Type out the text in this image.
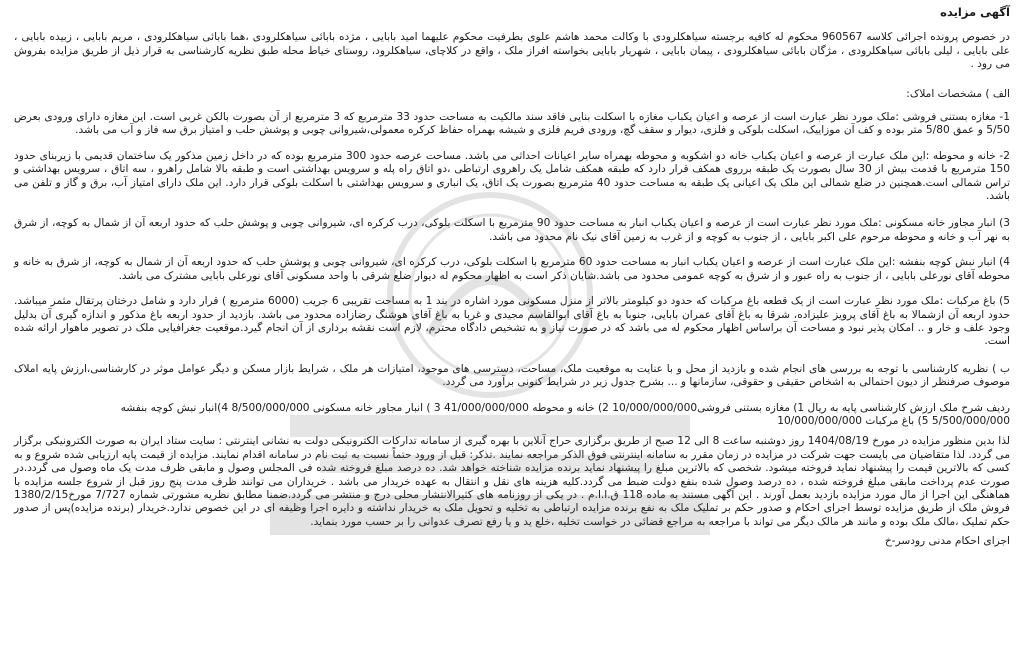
آگهی مزایده

در خصوص پرونده اجرائی کلاسه 960567 محکوم له کافیه برجسته سیاهکلرودی با وکالت محمد هاشم علوی بطرفیت محکوم علیهما امید بابایی ، مژده بابائی سیاهکلرودی ،هما بابائی سیاهکلرودی ، مریم بابایی ، زبیده بابایی ، علی بابایی ، لیلی بابائی سیاهکلرودی ، مژگان بابائی سیاهکلرودی ، پیمان بابایی ، شهریار بابایی بخواسته افراز ملک ، واقع در کلاچای، سیاهکلرود، روستای خیاط محله طبق نظریه کارشناسی به قرار ذیل از طریق مزایده بفروش می رود .

الف ) مشخصات املاک:

1- مغازه بستنی فروشی :ملک مورد نظر عبارت است از عرصه و اعیان یکباب مغازه با اسکلت بنایی فاقد سند مالکیت به مساحت حدود 33 مترمربع که 3 مترمربع از آن بصورت بالکن غربی است. این مغازه دارای ورودی بعرض 5/50 و عمق 5/80 متر بوده و کف آن موزاییک، اسکلت بلوکی و فلزی، دیوار و سقف گچ، ورودی فریم فلزی و شیشه بهمراه حفاظ کرکره معمولی،شیروانی چوبی و پوشش حلب و امتیاز برق سه فاز و آب می باشد.

2- خانه و محوطه :این ملک عبارت از عرصه و اعیان یکباب خانه دو اشکوبه و محوطه بهمراه سایر اعیانات احداثی می باشد. مساحت عرصه حدود 300 مترمربع بوده که در داخل زمین مذکور یک ساختمان قدیمی با زیربنای حدود 150 مترمربع با قدمت بیش از 30 سال بصورت یک طبقه برروی همکف قرار دارد که طبقه همکف شامل یک راهروی ارتباطی ،دو اتاق راه پله و سرویس بهداشتی است و طبقه بالا شامل راهرو ، سه اتاق ، سرویس بهداشتی و تراس شمالی است.همچنین در ضلع شمالی این ملک یک اعیانی یک طبقه به مساحت حدود 40 مترمربع بصورت یک اتاق، یک انباری و سرویس بهداشتی با اسکلت بلوکی قرار دارد. این ملک دارای امتیاز آب، برق و گاز و تلفن می باشد.

3) انبار مجاور خانه مسکونی :ملک مورد نظر عبارت است از عرصه و اعیان یکباب انبار به مساحت حدود 90 مترمربع با اسکلت بلوکی، درب کرکره ای، شیروانی چوبی و پوشش حلب که حدود اربعه آن از شمال به کوچه، از شرق به نهر آب و خانه و محوطه مرحوم علی اکبر بابایی ، از جنوب به کوچه و از غرب به زمین آقای نیک نام محدود می باشد.

4) انبار نبش کوچه بنفشه :این ملک عبارت است از عرصه و اعیان یکباب انبار به مساحت حدود 60 مترمربع با اسکلت بلوکی، درب کرکره ای، شیروانی چوبی و پوشش حلب که حدود اربعه آن از شمال به کوچه، از شرق به خانه و محوطه آقای نورعلی بابایی ، از جنوب به راه عبور و از شرق به کوچه عمومی محدود می باشد.شایان ذکر است به اظهار محکوم له دیوار ضلع شرقی با واحد مسکونی آقای نورعلی بابایی مشترک می باشد.

5) باغ مرکبات :ملک مورد نظر عبارت است از یک قطعه باغ مرکبات که حدود دو کیلومتر بالاتر از منزل مسکونی مورد اشاره در بند 1 به مساحت تقریبی 6 جریب (6000 مترمربع ) قرار دارد و شامل درختان پرتقال مثمر میباشد. حدود اربعه آن ازشمالا به باغ آقای پرویز علیزاده، شرقا به باغ آقای عمران بابایی، جنوبا به باغ آقای ابوالقاسم مجیدی و غربا به باغ آقای هوشنگ رضازاده محدود می باشد. بازدید از حدود اربعه باغ مذکور و اندازه گیری آن بدلیل وجود علف و خار و .. امکان پذیر نبود و مساحت آن براساس اظهار محکوم له می باشد که در صورت نیاز و به تشخیص دادگاه محترم، لازم است نقشه برداری از آن انجام گیرد.موقعیت جغرافیایی ملک در تصویر ماهوار ارائه شده است.

ب ) نظریه کارشناسی با توجه به بررسی های انجام شده و بازدید از محل و با عنایت به موقعیت ملک، مساحت، دسترسی های موجود، امتیازات هر ملک ، شرایط بازار مسکن و دیگر عوامل موثر در کارشناسی،ارزش پایه املاک موصوف صرفنظر از دیون احتمالی به اشخاص حقیقی و حقوقی، سازمانها و ... بشرح جدول زیر در شرایط کنونی برآورد می گردد.

ردیف شرح ملک ارزش کارشناسی پایه به ریال 1) مغازه بستنی فروشی10/000/000/000 2) خانه و محوطه 41/000/000/000 3 ) انبار مجاور خانه مسکونی 8/500/000/000 4)انبار نبش کوچه بنفشه

5/500/000/000 5) باغ مرکبات 10/000/000/000

لذا بدین منظور مزایده در مورخ 1404/08/19 روز دوشنبه ساعت 8 الی 12 صبح از طریق برگزاری حراج آنلاین با بهره گیری از سامانه تدارکات الکترونیکی دولت به نشانی اینترنتی : سایت ستاد ایران به صورت الکترونیکی برگزار می گردد. لذا متقاضیان می بایست جهت شرکت در مزایده در زمان مقرر به سامانه اینترنتی فوق الذکر مراجعه نمایند .تذکر: قبل از ورود حتماً نسبت به ثبت نام در سامانه اقدام نمایند. مزایده از قیمت پایه ارزیابی شده شروع و به کسی که بالاترین قیمت را پیشنهاد نماید فروخته میشود. شخصی که بالاترین مبلغ را پیشنهاد نماید برنده مزایده شناخته خواهد شد. ده درصد مبلغ فروخته شده فی المجلس وصول و مابقی ظرف مدت یک ماه وصول می گردد.در صورت عدم پرداخت مابقی مبلغ فروخته شده ، ده درصد وصول شده بنفع دولت ضبط می گردد.کلیه هزینه های نقل و انتقال به عهده خریدار می باشد . خریداران می توانند ظرف مدت پنج روز قبل از شروع جلسه مزایده با هماهنگی این اجرا از مال مورد مزایده بازدید بعمل آورند . این آگهی مستند به ماده 118 ق.ا.ا.م . در یکی از روزنامه های کثیرالانتشار محلی درج و منتشر می گردد.ضمنا مطابق نظریه مشورتی شماره 7/727 مورخ1380/2/15 فروش ملک از طریق مزایده توسط اجرای احکام و صدور حکم بر تملیک ملک به نفع برنده مزایده ارتباطی به تخلیه و تحویل ملک به خریدار نداشته و دایره اجرا وظیفه ای در این خصوص ندارد.خریدار (برنده مزایده)پس از صدور حکم تملیک ،مالک ملک بوده و مانند هر مالک دیگر می تواند با مراجعه به مراجع قضائی در خواست تخلیه ،خلع ید و یا رفع تصرف عدوانی را بر حسب مورد بنماید.

اجرای احکام مدنی رودسر-خ
